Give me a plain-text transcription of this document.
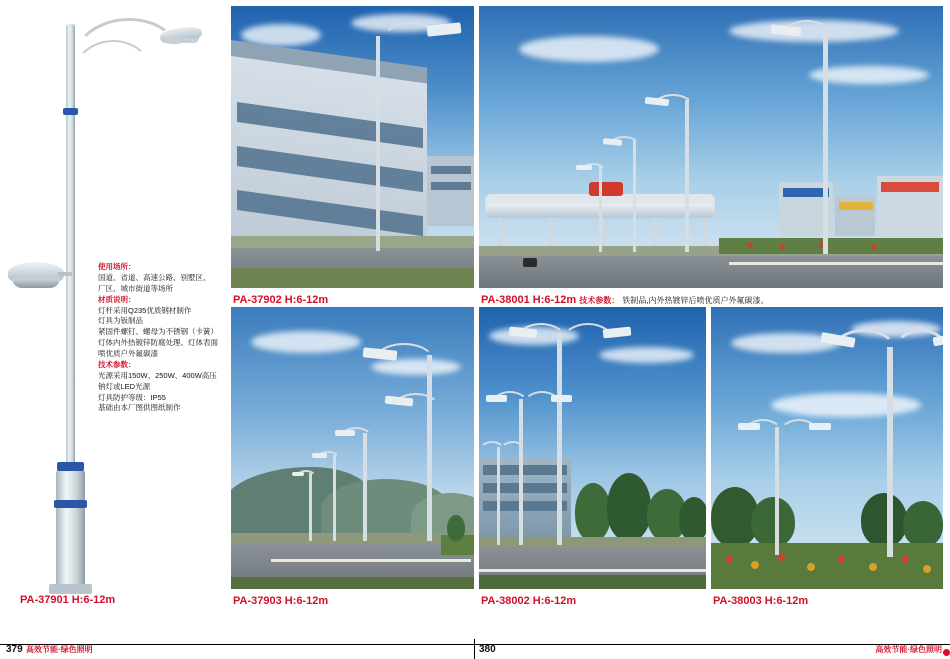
使用场所：
国道、省道、高速公路、别墅区、
厂区、城市街道等场所
材质说明：
灯杆采用Q235优质钢材制作
灯具为钣制品
紧固件螺钉、螺母为不锈钢（卡簧）
灯体内外热镀锌防腐处理、灯体表面
喷优质户外氟碳漆
技术参数：
光源采用150W、250W、400W高压
钠灯或LED光源
灯具防护等级：IP55
基础由本厂图供图纸制作
PA-37901 H:6-12m
PA-37902 H:6-12m	PA-38001 H:6-12m 技术参数： 铁制品,内外热镀锌后喷优质户外氟碳漆。
PA-37903 H:6-12m	PA-38002 H:6-12m	PA-38003 H:6-12m
379 高效节能·绿色照明	380	高效节能·绿色照明
